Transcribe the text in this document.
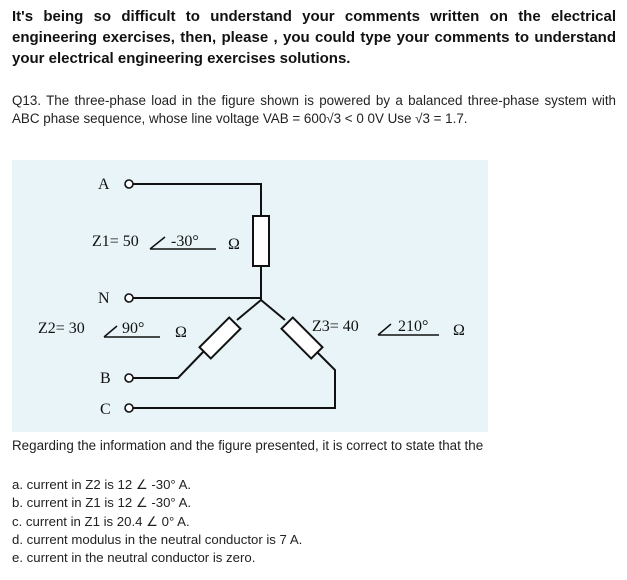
It's being so difficult to understand your comments written on the electrical engineering exercises, then, please , you could type your comments to understand your electrical engineering exercises solutions.

Q13. The three-phase load in the figure shown is powered by a balanced three-phase system with ABC phase sequence, whose line voltage VAB = 600√3 < 0 0V Use √3 = 1.7.

A
N
B
C
Z1= 50 -30° Ω
Z2= 30 90° Ω	Z3= 40 210° Ω

Regarding the information and the figure presented, it is correct to state that the

a. current in Z2 is 12 ∠ -30° A.
b. current in Z1 is 12 ∠ -30° A.
c. current in Z1 is 20.4 ∠ 0° A.
d. current modulus in the neutral conductor is 7 A.
e. current in the neutral conductor is zero.
